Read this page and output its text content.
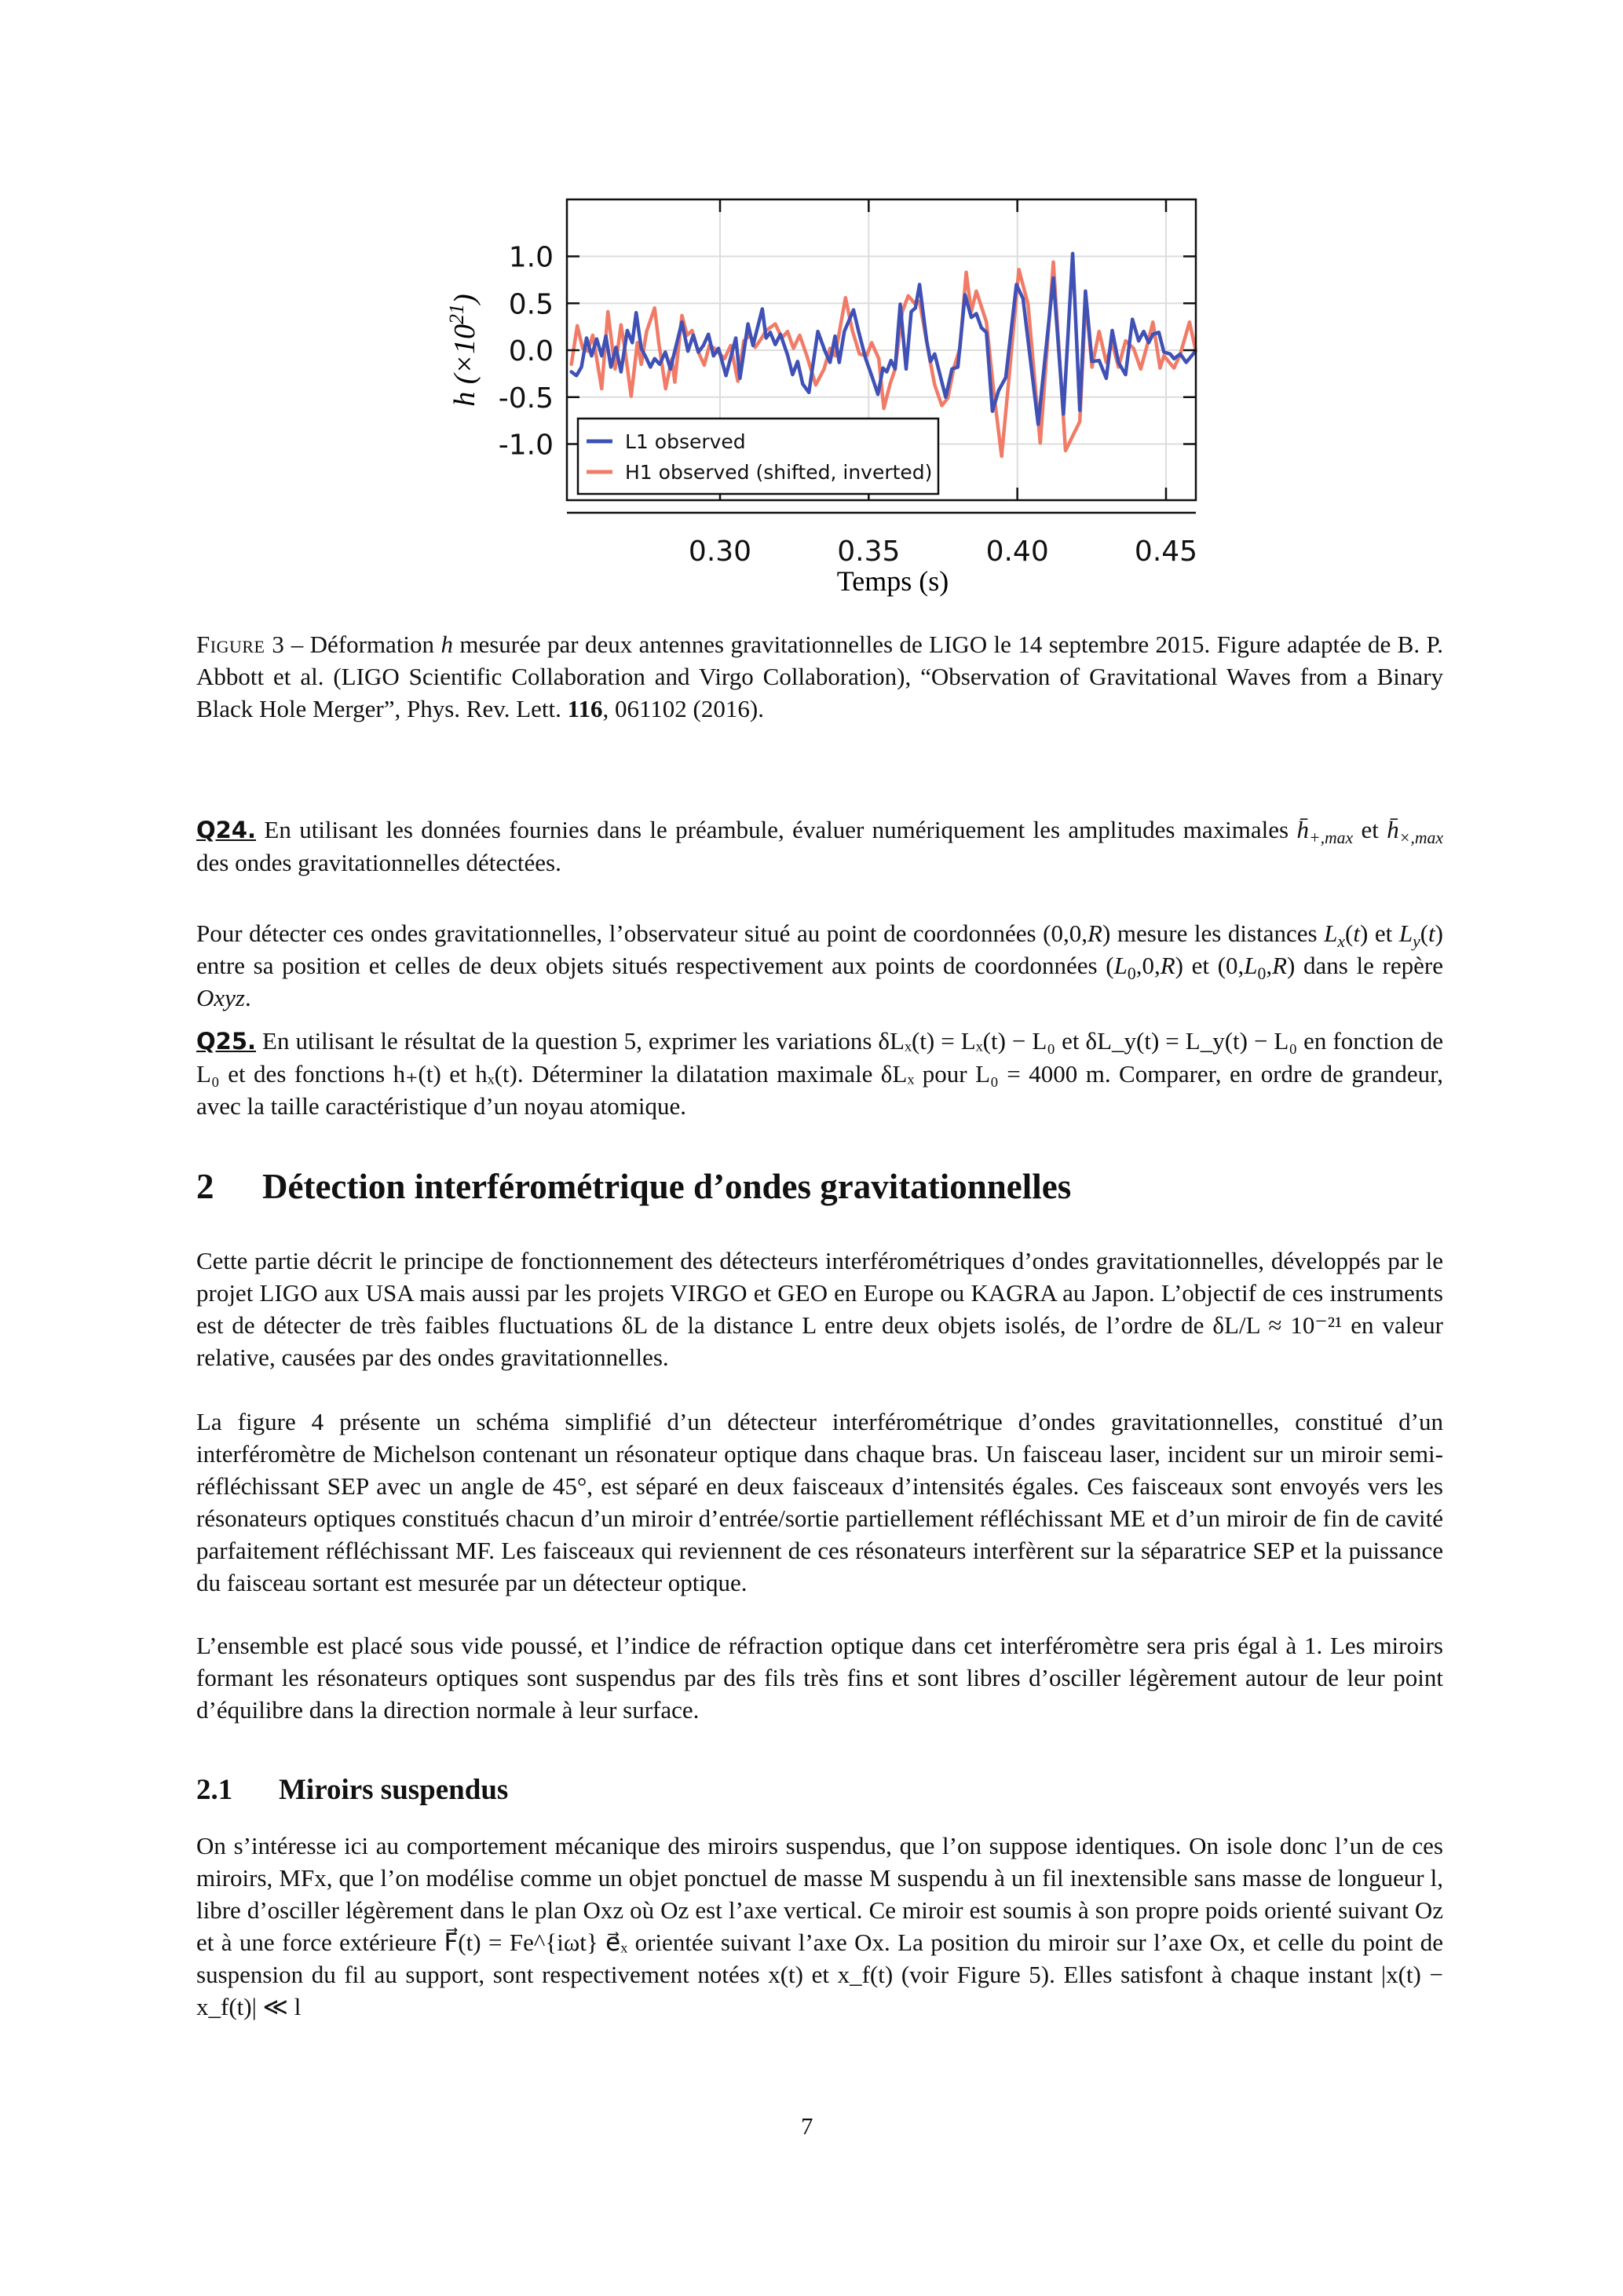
0.30	0.35	0.40	0.45
1.0
0.5
0.0
-0.5
-1.0
Temps (s)
h $(\times 10^{21})$
L1 observed
H1 observed (shifted, inverted)
Figure 3 – Déformation h mesurée par deux antennes gravitationnelles de LIGO le 14 septembre 2015. Figure adaptée de B. P. Abbott et al. (LIGO Scientific Collaboration and Virgo Collaboration), “Observation of Gravitational Waves from a Binary Black Hole Merger”, Phys. Rev. Lett. 116, 061102 (2016).
Q24. En utilisant les données fournies dans le préambule, évaluer numériquement les amplitudes maximales $h̄_{+,max}$ et $h̄_{\times,max}$ des ondes gravitationnelles détectées.
Pour détecter ces ondes gravitationnelles, l’observateur situé au point de coordonnées (0,0,R) mesure les distances $L_x(t)$ et $L_y(t)$ entre sa position et celles de deux objets situés respectivement aux points de coordonnées $(L_0,0,R)$ et $(0,L_0,R)$ dans le repère Oxyz.
Q25. En utilisant le résultat de la question 5, exprimer les variations δLₓ(t) = Lₓ(t) − L₀ et δL_y(t) = L_y(t) − L₀ en fonction de L₀ et des fonctions h₊(t) et hₓ(t). Déterminer la dilatation maximale δLₓ pour L₀ = 4000 m. Comparer, en ordre de grandeur, avec la taille caractéristique d’un noyau atomique.
2 Détection interférométrique d’ondes gravitationnelles
Cette partie décrit le principe de fonctionnement des détecteurs interférométriques d’ondes gravitationnelles, développés par le projet LIGO aux USA mais aussi par les projets VIRGO et GEO en Europe ou KAGRA au Japon. L’objectif de ces instruments est de détecter de très faibles fluctuations δL de la distance L entre deux objets isolés, de l’ordre de δL/L ≈ 10⁻²¹ en valeur relative, causées par des ondes gravitationnelles.
La figure 4 présente un schéma simplifié d’un détecteur interférométrique d’ondes gravitationnelles, constitué d’un interféromètre de Michelson contenant un résonateur optique dans chaque bras. Un faisceau laser, incident sur un miroir semi-réfléchissant SEP avec un angle de 45°, est séparé en deux faisceaux d’intensités égales. Ces faisceaux sont envoyés vers les résonateurs optiques constitués chacun d’un miroir d’entrée/sortie partiellement réfléchissant ME et d’un miroir de fin de cavité parfaitement réfléchissant MF. Les faisceaux qui reviennent de ces résonateurs interfèrent sur la séparatrice SEP et la puissance du faisceau sortant est mesurée par un détecteur optique.
L’ensemble est placé sous vide poussé, et l’indice de réfraction optique dans cet interféromètre sera pris égal à 1. Les miroirs formant les résonateurs optiques sont suspendus par des fils très fins et sont libres d’osciller légèrement autour de leur point d’équilibre dans la direction normale à leur surface.
2.1 Miroirs suspendus
On s’intéresse ici au comportement mécanique des miroirs suspendus, que l’on suppose identiques. On isole donc l’un de ces miroirs, MFx, que l’on modélise comme un objet ponctuel de masse M suspendu à un fil inextensible sans masse de longueur l, libre d’osciller légèrement dans le plan Oxz où Oz est l’axe vertical. Ce miroir est soumis à son propre poids orienté suivant Oz et à une force extérieure F⃗(t) = Fe^{iωt} e⃗ₓ orientée suivant l’axe Ox. La position du miroir sur l’axe Ox, et celle du point de suspension du fil au support, sont respectivement notées x(t) et x_f(t) (voir Figure 5). Elles satisfont à chaque instant |x(t) − x_f(t)| ≪ l
7
